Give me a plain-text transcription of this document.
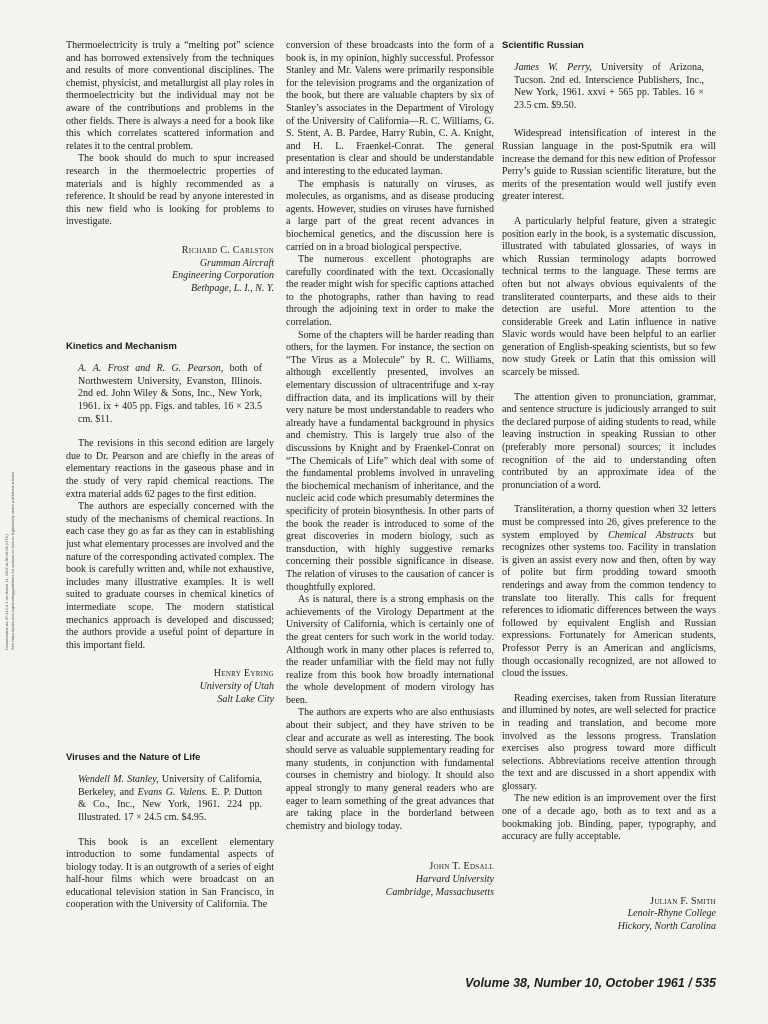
Downloaded via 37.212.0.1 on March 11, 2024 at 08:49:06 (UTC). See https://pubs.acs.org/sharingguidelines for options on how to legitimately share published articles.

Thermoelectricity is truly a “melting pot” science and has borrowed extensively from the techniques and results of more conventional disciplines. The chemist, physicist, and metallurgist all play roles in thermoelectricity but the individual may not be aware of the contributions and problems in the other fields. There is always a need for a book like this which correlates scattered information and relates it to the central problem.

The book should do much to spur increased research in the thermoelectric properties of materials and is highly recommended as a reference. It should be read by anyone interested in this new field who is looking for problems to investigate.

Richard C. Carlston
Grumman Aircraft
Engineering Corporation
Bethpage, L. I., N. Y.
Kinetics and Mechanism
A. A. Frost and R. G. Pearson, both of Northwestern University, Evanston, Illinois. 2nd ed. John Wiley & Sons, Inc., New York, 1961. ix + 405 pp. Figs. and tables. 16 × 23.5 cm. $11.

The revisions in this second edition are largely due to Dr. Pearson and are chiefly in the areas of elementary reactions in the gaseous phase and in the study of very rapid chemical reactions. The extra material adds 62 pages to the first edition.

The authors are especially concerned with the study of the mechanisms of chemical reactions. In each case they go as far as they can in establishing just what elementary processes are involved and the nature of the corresponding activated complex. The book is carefully written and, while not exhaustive, includes many illustrative examples. It is well suited to graduate courses in chemical kinetics of intermediate scope. The modern statistical mechanics approach is developed and discussed; the authors provide a useful point of departure in this important field.

Henry Eyring
University of Utah
Salt Lake City
Viruses and the Nature of Life
Wendell M. Stanley, University of California, Berkeley, and Evans G. Valens. E. P. Dutton & Co., Inc., New York, 1961. 224 pp. Illustrated. 17 × 24.5 cm. $4.95.

This book is an excellent elementary introduction to some fundamental aspects of biology today. It is an outgrowth of a series of eight half-hour films which were broadcast on an educational television station in San Francisco, in cooperation with the University of California. The

conversion of these broadcasts into the form of a book is, in my opinion, highly successful. Professor Stanley and Mr. Valens were primarily responsible for the television programs and the organization of the book, but there are valuable chapters by six of Stanley’s associates in the Department of Virology of the University of California—R. C. Williams, G. S. Stent, A. B. Pardee, Harry Rubin, C. A. Knight, and H. L. Fraenkel-Conrat. The general presentation is clear and should be understandable and interesting to the educated layman.

The emphasis is naturally on viruses, as molecules, as organisms, and as disease producing agents. However, studies on viruses have furnished a large part of the great recent advances in biochemical genetics, and the discussion here is carried on in a broad biological perspective.

The numerous excellent photographs are carefully coordinated with the text. Occasionally the reader might wish for specific captions attached to the photographs, rather than having to read through the adjoining text in order to make the correlation.

Some of the chapters will be harder reading than others, for the laymen. For instance, the section on “The Virus as a Molecule” by R. C. Williams, although excellently presented, involves an elementary discussion of ultracentrifuge and x-ray diffraction data, and its implications will by their very nature be most understandable to readers who already have a fundamental background in physics and chemistry. This is largely true also of the discussions by Knight and by Fraenkel-Conrat on “The Chemicals of Life” which deal with some of the fundamental problems involved in unraveling the biochemical mechanism of inheritance, and the nucleic acid code which presumably determines the specificity of protein biosynthesis. In other parts of the book the reader is introduced to some of the great discoveries in modern biology, such as transduction, with highly suggestive remarks concerning their possible significance in disease. The relation of viruses to the causation of cancer is thoughtfully explored.

As is natural, there is a strong emphasis on the achievements of the Virology Department at the University of California, which is certainly one of the great centers for such work in the world today. Although work in many other places is referred to, the reader unfamiliar with the field may not fully realize from this book how broadly international the whole development of modern virology has been.

The authors are experts who are also enthusiasts about their subject, and they have striven to be clear and accurate as well as interesting. The book should serve as valuable supplementary reading for many students, in conjunction with fundamental courses in chemistry and biology. It should also appeal strongly to many general readers who are eager to learn something of the great advances that are taking place in the borderland between chemistry and biology today.

John T. Edsall
Harvard University
Cambridge, Massachusetts
Scientific Russian
James W. Perry, University of Arizona, Tucson. 2nd ed. Interscience Publishers, Inc., New York, 1961. xxvi + 565 pp. Tables. 16 × 23.5 cm. $9.50.

Widespread intensification of interest in the Russian language in the post-Sputnik era will increase the demand for this new edition of Professor Perry’s guide to Russian scientific literature, but the merits of the presentation would well justify even greater interest.

A particularly helpful feature, given a strategic position early in the book, is a systematic discussion, illustrated with tabulated glossaries, of ways in which Russian terminology adapts borrowed technical terms to the language. These terms are often but not always obvious equivalents of the transliterated counterparts, and these aids to their detection are useful. More attention to the considerable Greek and Latin influence in native Slavic words would have been helpful to an earlier generation of English-speaking scientists, but so few now study Greek or Latin that this omission will scarcely be missed.

The attention given to pronunciation, grammar, and sentence structure is judiciously arranged to suit the declared purpose of aiding students to read, while leaving instruction in speaking Russian to other (preferably more personal) sources; it includes recognition of the aid to understanding often contributed by an approximate idea of the pronunciation of a word.

Transliteration, a thorny question when 32 letters must be compressed into 26, gives preference to the system employed by Chemical Abstracts but recognizes other systems too. Facility in translation is given an assist every now and then, often by way of polite but firm prodding toward smooth renderings and away from the common tendency to translate too literally. This calls for frequent references to idiomatic differences between the ways followed by equivalent English and Russian expressions. Fortunately for American students, Professor Perry is an American and anglicisms, though occasionally recognized, are not allowed to cloud the issues.

Reading exercises, taken from Russian literature and illumined by notes, are well selected for practice in reading and translation, and become more involved as the lessons progress. Translation exercises also progress toward more difficult selections. Abbreviations receive attention through the text and are discussed in a short appendix with glossary.

The new edition is an improvement over the first one of a decade ago, both as to text and as a bookmaking job. Binding, paper, typography, and accuracy are fully acceptable.

Julian F. Smith
Lenoir-Rhyne College
Hickory, North Carolina
Volume 38, Number 10, October 1961 / 535
